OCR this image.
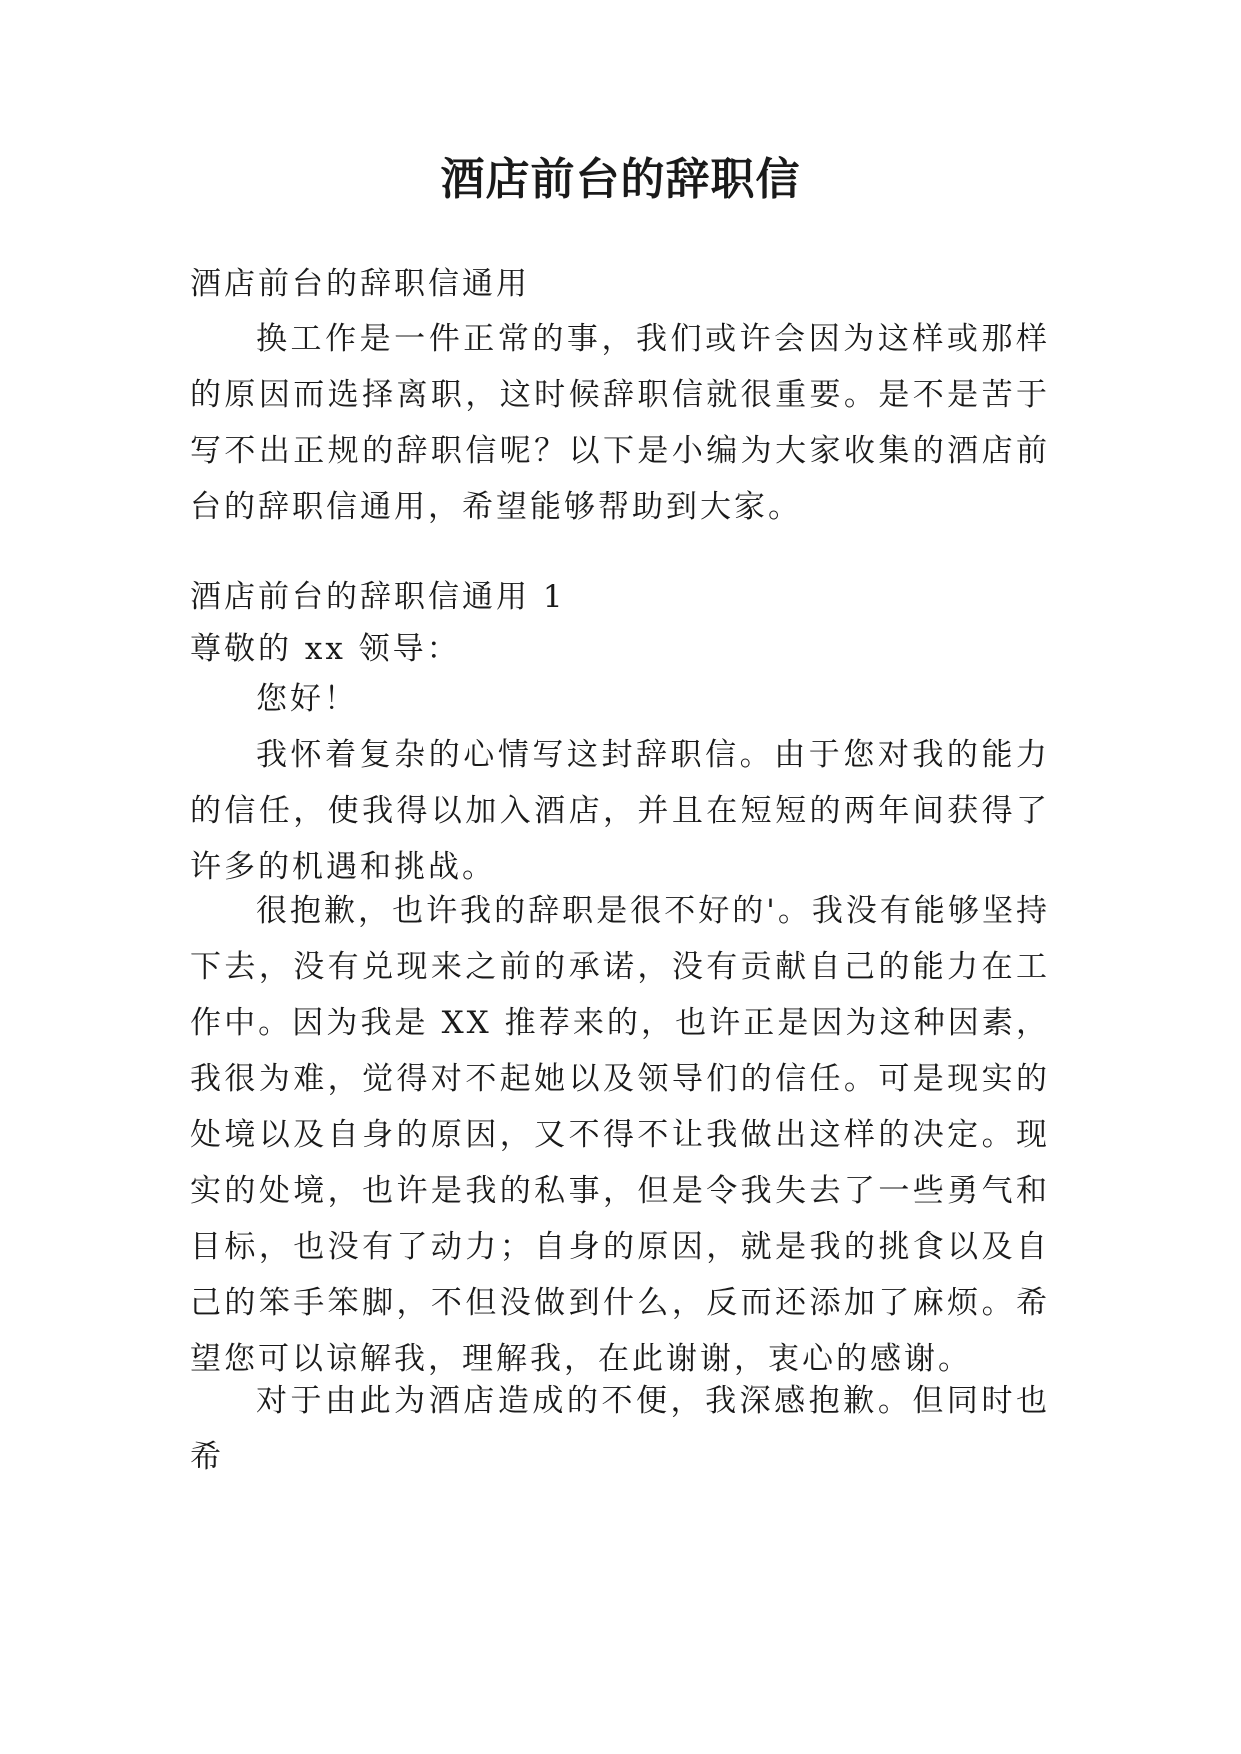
酒店前台的辞职信
酒店前台的辞职信通用

换工作是一件正常的事，我们或许会因为这样或那样的原因而选择离职，这时候辞职信就很重要。是不是苦于写不出正规的辞职信呢？以下是小编为大家收集的酒店前台的辞职信通用，希望能够帮助到大家。

酒店前台的辞职信通用 1
尊敬的 xx 领导：
您好！

我怀着复杂的心情写这封辞职信。由于您对我的能力的信任，使我得以加入酒店，并且在短短的两年间获得了许多的机遇和挑战。

很抱歉，也许我的辞职是很不好的'。我没有能够坚持下去，没有兑现来之前的承诺，没有贡献自己的能力在工作中。因为我是 XX 推荐来的，也许正是因为这种因素，我很为难，觉得对不起她以及领导们的信任。可是现实的处境以及自身的原因，又不得不让我做出这样的决定。现实的处境，也许是我的私事，但是令我失去了一些勇气和目标，也没有了动力；自身的原因，就是我的挑食以及自己的笨手笨脚，不但没做到什么，反而还添加了麻烦。希望您可以谅解我，理解我，在此谢谢，衷心的感谢。

对于由此为酒店造成的不便，我深感抱歉。但同时也希
